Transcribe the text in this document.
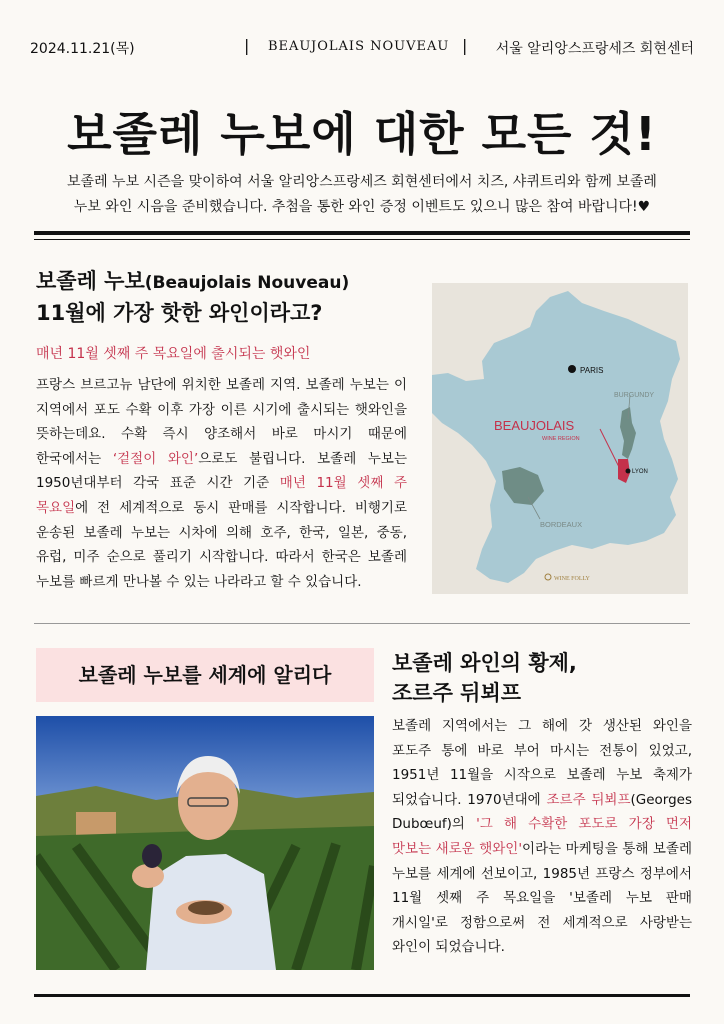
2024.11.21(목)	| BEAUJOLAIS NOUVEAU | 서울 알리앙스프랑세즈 회현센터
보졸레 누보에 대한 모든 것!
보졸레 누보 시즌을 맞이하여 서울 알리앙스프랑세즈 회현센터에서 치즈, 샤퀴트리와 함께 보졸레
누보 와인 시음을 준비했습니다. 추첨을 통한 와인 증정 이벤트도 있으니 많은 참여 바랍니다!♥
보졸레 누보(Beaujolais Nouveau)
11월에 가장 핫한 와인이라고?
매년 11월 셋째 주 목요일에 출시되는 햇와인
프랑스 브르고뉴 남단에 위치한 보졸레 지역. 보졸레 누보는 이 지역에서 포도 수확 이후 가장 이른 시기에 출시되는 햇와인을 뜻하는데요. 수확 즉시 양조해서 바로 마시기 때문에 한국에서는 ‘겉절이 와인’으로도 불립니다. 보졸레 누보는 1950년대부터 각국 표준 시간 기준 매년 11월 셋째 주 목요일에 전 세계적으로 동시 판매를 시작합니다. 비행기로 운송된 보졸레 누보는 시차에 의해 호주, 한국, 일본, 중동, 유럽, 미주 순으로 풀리기 시작합니다. 따라서 한국은 보졸레 누보를 빠르게 만나볼 수 있는 나라라고 할 수 있습니다.
PARIS
BURGUNDY
BEAUJOLAIS
WINE REGION
LYON
BORDEAUX
WINE FOLLY
보졸레 누보를 세계에 알리다	보졸레 와인의 황제,
조르주 뒤뵈프
보졸레 지역에서는 그 해에 갓 생산된 와인을 포도주 통에 바로 부어 마시는 전통이 있었고, 1951년 11월을 시작으로 보졸레 누보 축제가 되었습니다. 1970년대에 조르주 뒤뵈프(Georges Dubœuf)의 '그 해 수확한 포도로 가장 먼저 맛보는 새로운 햇와인'이라는 마케팅을 통해 보졸레 누보를 세계에 선보이고, 1985년 프랑스 정부에서 11월 셋째 주 목요일을 '보졸레 누보 판매 개시일'로 정함으로써 전 세계적으로 사랑받는 와인이 되었습니다.
